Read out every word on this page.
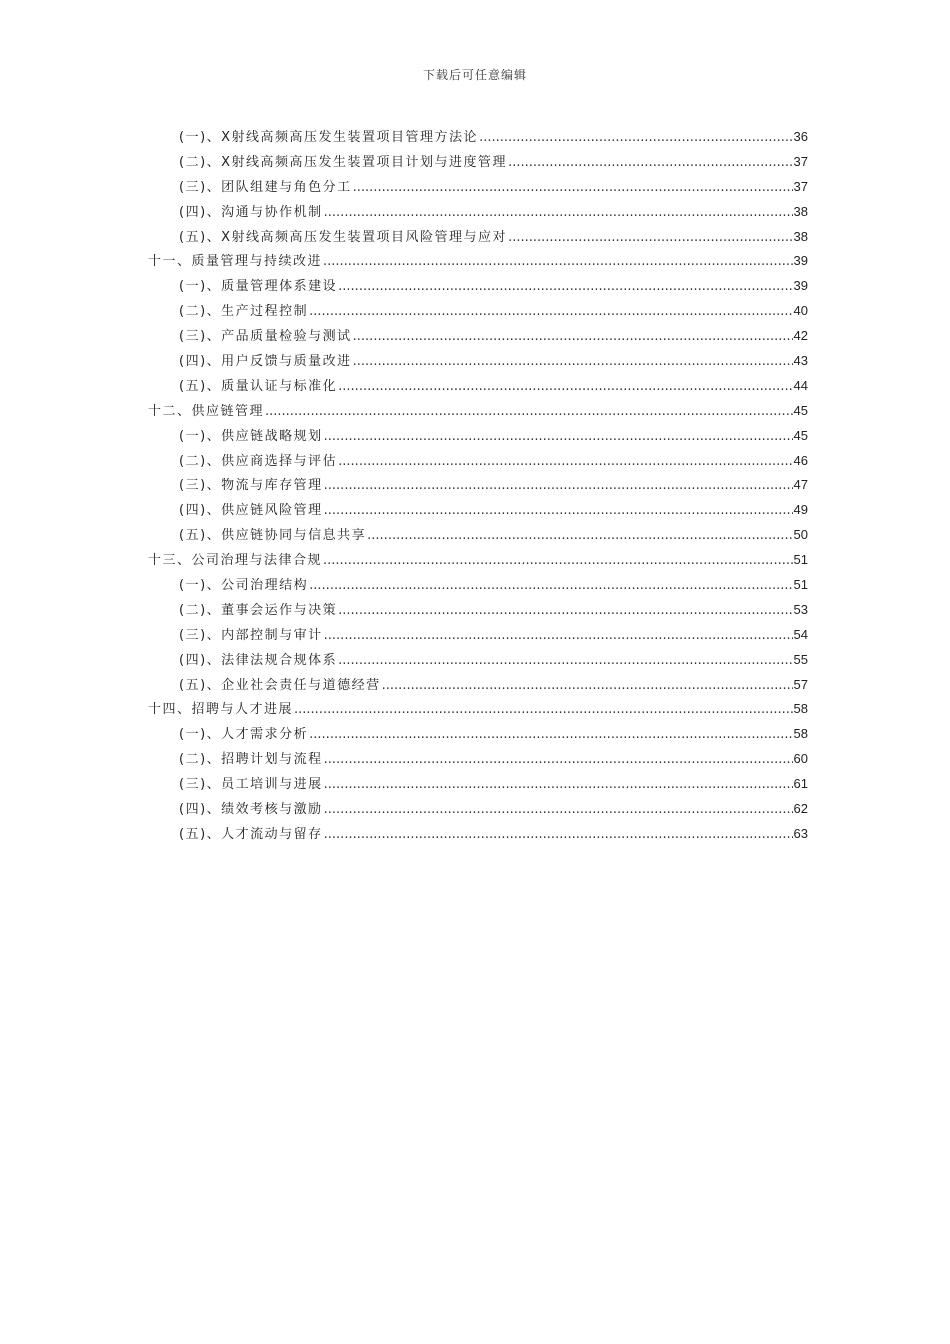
下载后可任意编辑
(一)、X射线高频高压发生装置项目管理方法论 .....	36
(二)、X射线高频高压发生装置项目计划与进度管理 .....	37
(三)、团队组建与角色分工 .....	37
(四)、沟通与协作机制 .....	38
(五)、X射线高频高压发生装置项目风险管理与应对 .....	38
十一、质量管理与持续改进 .....	39
(一)、质量管理体系建设 .....	39
(二)、生产过程控制 .....	40
(三)、产品质量检验与测试 .....	42
(四)、用户反馈与质量改进 .....	43
(五)、质量认证与标准化 .....	44
十二、供应链管理 .....	45
(一)、供应链战略规划 .....	45
(二)、供应商选择与评估 .....	46
(三)、物流与库存管理 .....	47
(四)、供应链风险管理 .....	49
(五)、供应链协同与信息共享 .....	50
十三、公司治理与法律合规 .....	51
(一)、公司治理结构 .....	51
(二)、董事会运作与决策 .....	53
(三)、内部控制与审计 .....	54
(四)、法律法规合规体系 .....	55
(五)、企业社会责任与道德经营 .....	57
十四、招聘与人才进展 .....	58
(一)、人才需求分析 .....	58
(二)、招聘计划与流程 .....	60
(三)、员工培训与进展 .....	61
(四)、绩效考核与激励 .....	62
(五)、人才流动与留存 .....	63
